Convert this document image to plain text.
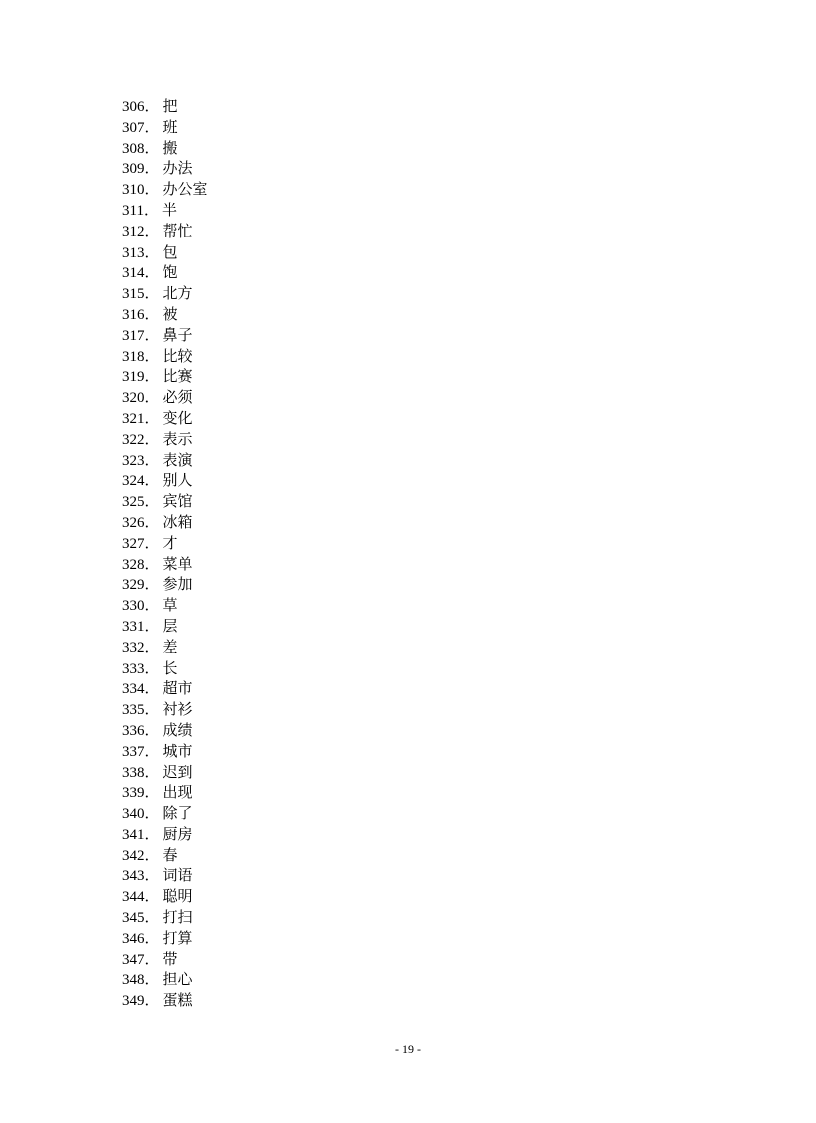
306． 把
307． 班
308． 搬
309． 办法
310． 办公室
311． 半
312． 帮忙
313． 包
314． 饱
315． 北方
316． 被
317． 鼻子
318． 比较
319． 比赛
320． 必须
321． 变化
322． 表示
323． 表演
324． 别人
325． 宾馆
326． 冰箱
327． 才
328． 菜单
329． 参加
330． 草
331． 层
332． 差
333． 长
334． 超市
335． 衬衫
336． 成绩
337． 城市
338． 迟到
339． 出现
340． 除了
341． 厨房
342． 春
343． 词语
344． 聪明
345． 打扫
346． 打算
347． 带
348． 担心
349． 蛋糕
- 19 -
